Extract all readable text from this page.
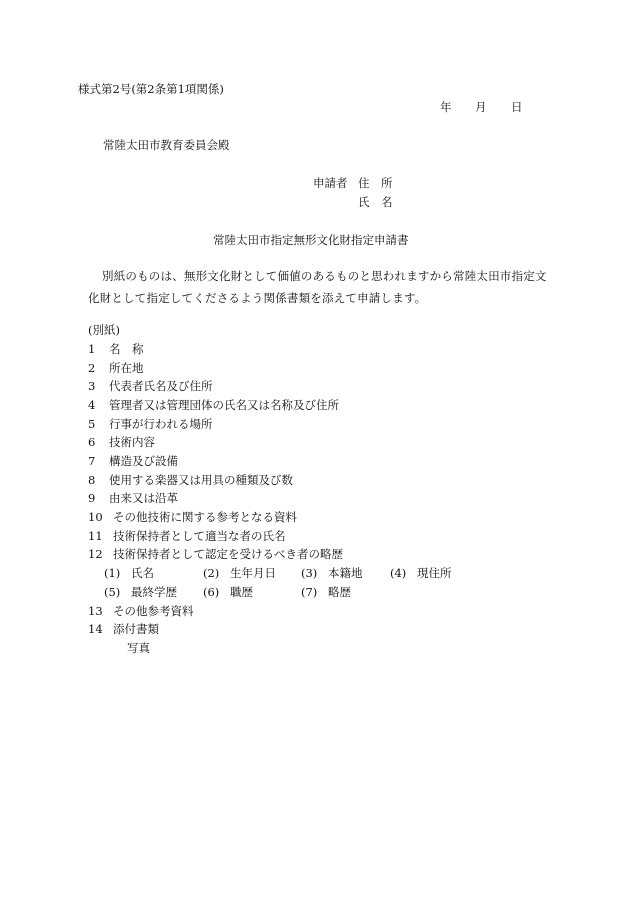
様式第2号(第2条第1項関係)
年 月 日
常陸太田市教育委員会殿
申請者 住　所
氏　名
常陸太田市指定無形文化財指定申請書
別紙のものは、無形文化財として価値のあるものと思われますから常陸太田市指定文化財として指定してくださるよう関係書類を添えて申請します。
(別紙)
1 名　称
2 所在地
3 代表者氏名及び住所
4 管理者又は管理団体の氏名又は名称及び住所
5 行事が行われる場所
6 技術内容
7 構造及び設備
8 使用する楽器又は用具の種類及び数
9 由来又は沿革
10 その他技術に関する参考となる資料
11 技術保持者として適当な者の氏名
12 技術保持者として認定を受けるべき者の略歴
(1) 氏名	(2) 生年月日 (3) 本籍地 (4) 現住所
(5) 最終学歴 (6) 職歴	(7) 略歴
13 その他参考資料
14 添付書類
写真
